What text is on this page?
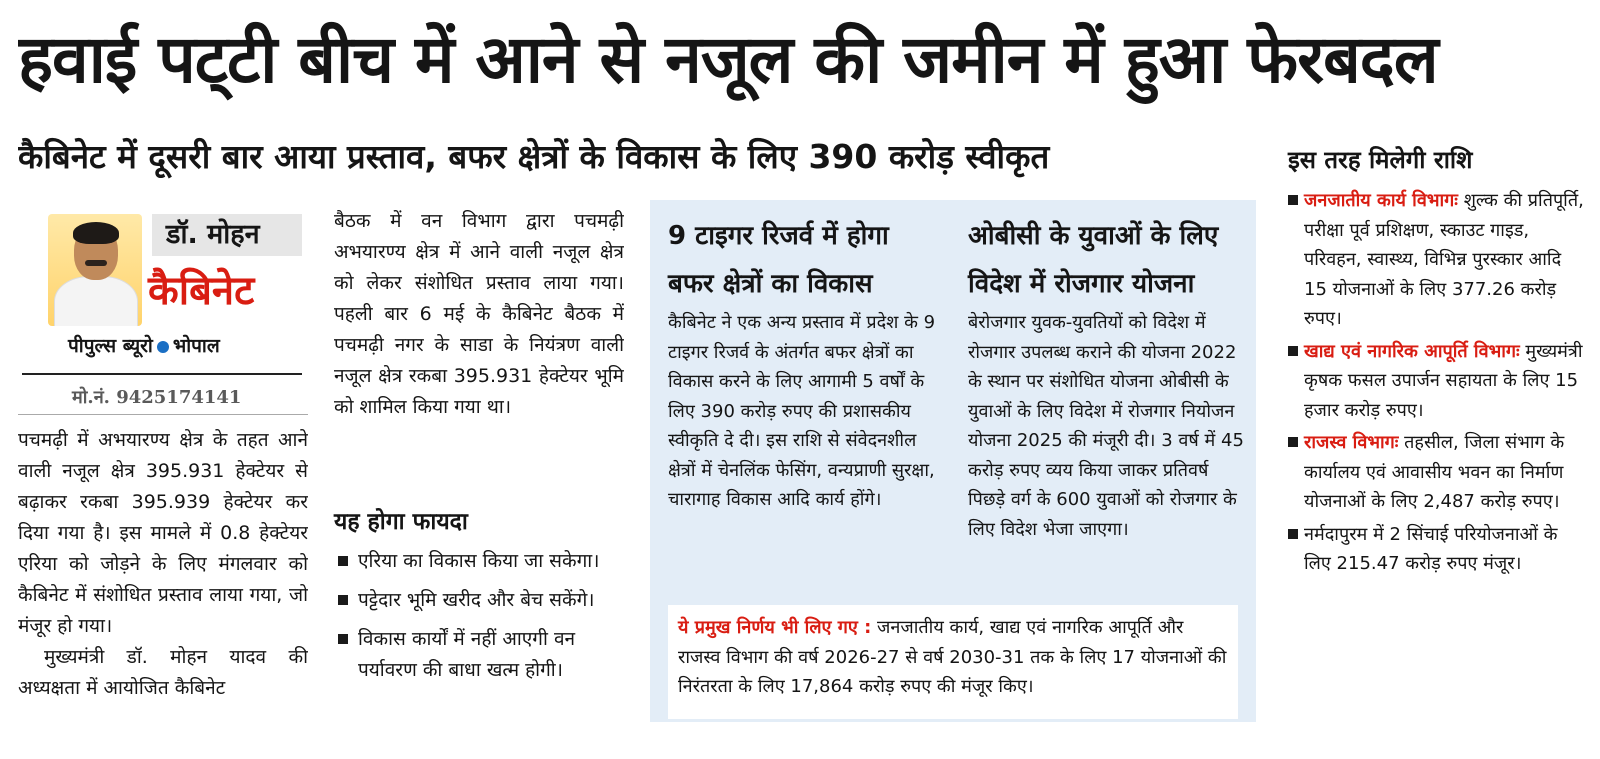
हवाई पट्‌टी बीच में आने से नजूल की जमीन में हुआ फेरबदल
कैबिनेट में दूसरी बार आया प्रस्ताव, बफर क्षेत्रों के विकास के लिए 390 करोड़ स्वीकृत
डॉ. मोहन
कैबिनेट
पीपुल्स ब्यूरो भोपाल
मो.नं. 9425174141

पचमढ़ी में अभयारण्य क्षेत्र के तहत आने वाली नजूल क्षेत्र 395.931 हेक्टेयर से बढ़ाकर रकबा 395.939 हेक्टेयर कर दिया गया है। इस मामले में 0.8 हेक्टेयर एरिया को जोड़ने के लिए मंगलवार को कैबिनेट में संशोधित प्रस्ताव लाया गया, जो मंजूर हो गया।

मुख्यमंत्री डॉ. मोहन यादव की अध्यक्षता में आयोजित कैबिनेट

बैठक में वन विभाग द्वारा पचमढ़ी अभयारण्य क्षेत्र में आने वाली नजूल क्षेत्र को लेकर संशोधित प्रस्ताव लाया गया। पहली बार 6 मई के कैबिनेट बैठक में पचमढ़ी नगर के साडा के नियंत्रण वाली नजूल क्षेत्र रकबा 395.931 हेक्टेयर भूमि को शामिल किया गया था।

यह होगा फायदा
एरिया का विकास किया जा सकेगा।
पट्टेदार भूमि खरीद और बेच सकेंगे।
विकास कार्यों में नहीं आएगी वन पर्यावरण की बाधा खत्म होगी।
9 टाइगर रिजर्व में होगा
बफर क्षेत्रों का विकास

कैबिनेट ने एक अन्य प्रस्ताव में प्रदेश के 9 टाइगर रिजर्व के अंतर्गत बफर क्षेत्रों का विकास करने के लिए आगामी 5 वर्षों के लिए 390 करोड़ रुपए की प्रशासकीय स्वीकृति दे दी। इस राशि से संवेदनशील क्षेत्रों में चेनलिंक फेसिंग, वन्यप्राणी सुरक्षा, चारागाह विकास आदि कार्य होंगे।

ओबीसी के युवाओं के लिए
विदेश में रोजगार योजना

बेरोजगार युवक-युवतियों को विदेश में रोजगार उपलब्ध कराने की योजना 2022 के स्थान पर संशोधित योजना ओबीसी के युवाओं के लिए विदेश में रोजगार नियोजन योजना 2025 की मंजूरी दी। 3 वर्ष में 45 करोड़ रुपए व्यय किया जाकर प्रतिवर्ष पिछड़े वर्ग के 600 युवाओं को रोजगार के लिए विदेश भेजा जाएगा।

ये प्रमुख निर्णय भी लिए गए : जनजातीय कार्य, खाद्य एवं नागरिक आपूर्ति और राजस्व विभाग की वर्ष 2026-27 से वर्ष 2030-31 तक के लिए 17 योजनाओं की निरंतरता के लिए 17,864 करोड़ रुपए की मंजूर किए।
इस तरह मिलेगी राशि
जनजातीय कार्य विभागः शुल्क की प्रतिपूर्ति, परीक्षा पूर्व प्रशिक्षण, स्काउट गाइड, परिवहन, स्वास्थ्य, विभिन्न पुरस्कार आदि 15 योजनाओं के लिए 377.26 करोड़ रुपए।
खाद्य एवं नागरिक आपूर्ति विभागः मुख्यमंत्री कृषक फसल उपार्जन सहायता के लिए 15 हजार करोड़ रुपए।
राजस्व विभागः तहसील, जिला संभाग के कार्यालय एवं आवासीय भवन का निर्माण योजनाओं के लिए 2,487 करोड़ रुपए।
नर्मदापुरम में 2 सिंचाई परियोजनाओं के लिए 215.47 करोड़ रुपए मंजूर।
